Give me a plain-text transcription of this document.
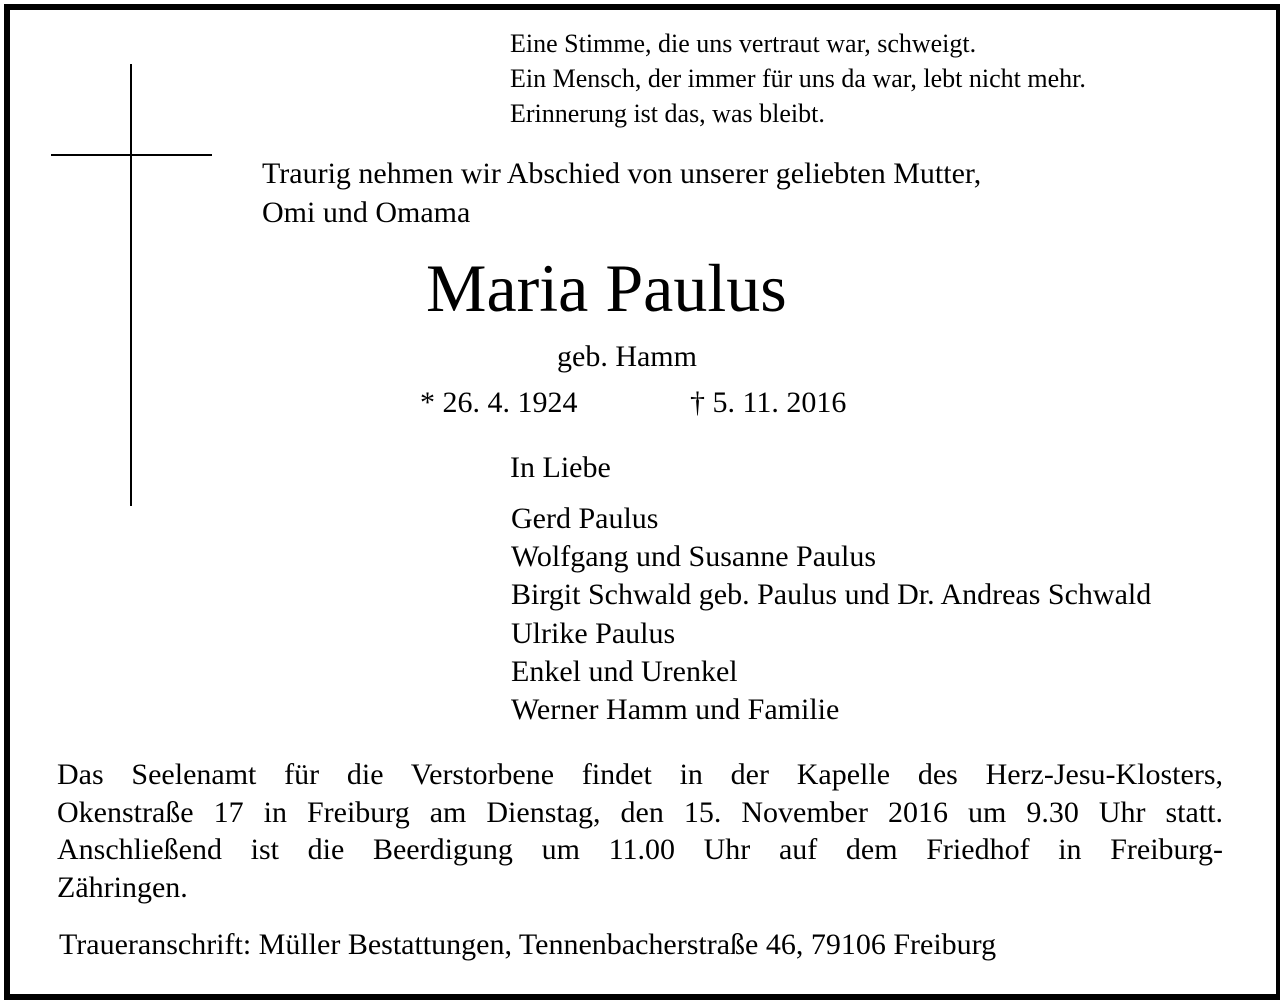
Eine Stimme, die uns vertraut war, schweigt.
Ein Mensch, der immer für uns da war, lebt nicht mehr.
Erinnerung ist das, was bleibt.
Traurig nehmen wir Abschied von unserer geliebten Mutter,
Omi und Omama
Maria Paulus
geb. Hamm
* 26. 4. 1924	† 5. 11. 2016
In Liebe
Gerd Paulus
Wolfgang und Susanne Paulus
Birgit Schwald geb. Paulus und Dr. Andreas Schwald
Ulrike Paulus
Enkel und Urenkel
Werner Hamm und Familie
Das Seelenamt für die Verstorbene findet in der Kapelle des Herz-Jesu-Klosters,
Okenstraße 17 in Freiburg am Dienstag, den 15. November 2016 um 9.30 Uhr statt.
Anschließend ist die Beerdigung um 11.00 Uhr auf dem Friedhof in Freiburg-
Zähringen.
Traueranschrift: Müller Bestattungen, Tennenbacherstraße 46, 79106 Freiburg
